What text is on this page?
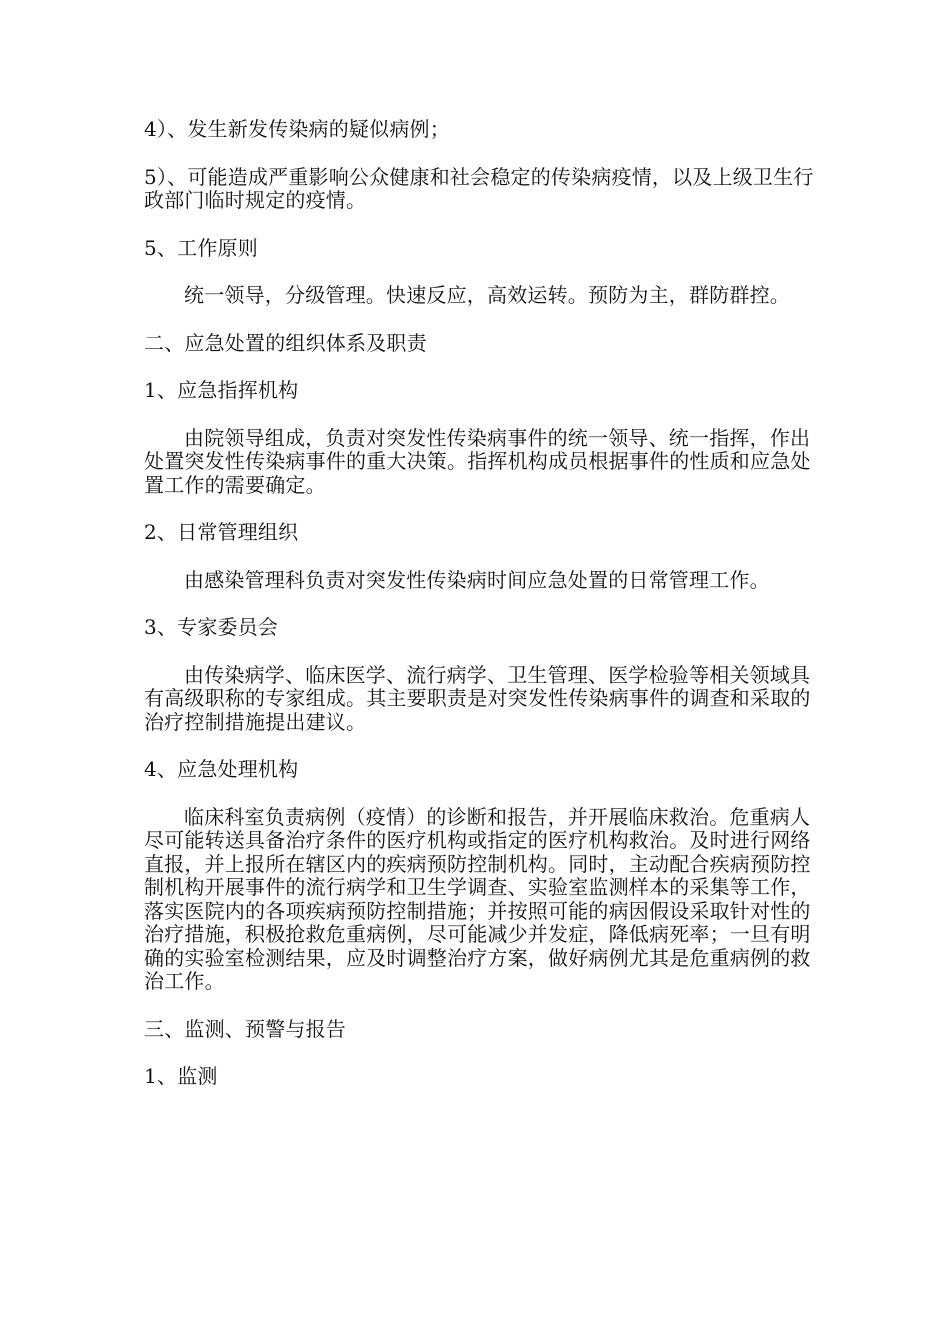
4）、发生新发传染病的疑似病例；

5）、可能造成严重影响公众健康和社会稳定的传染病疫情，以及上级卫生行政部门临时规定的疫情。

5、工作原则

统一领导，分级管理。快速反应，高效运转。预防为主，群防群控。

二、应急处置的组织体系及职责

1、应急指挥机构

由院领导组成，负责对突发性传染病事件的统一领导、统一指挥，作出处置突发性传染病事件的重大决策。指挥机构成员根据事件的性质和应急处置工作的需要确定。

2、日常管理组织

由感染管理科负责对突发性传染病时间应急处置的日常管理工作。

3、专家委员会

由传染病学、临床医学、流行病学、卫生管理、医学检验等相关领域具有高级职称的专家组成。其主要职责是对突发性传染病事件的调查和采取的治疗控制措施提出建议。

4、应急处理机构

临床科室负责病例（疫情）的诊断和报告，并开展临床救治。危重病人尽可能转送具备治疗条件的医疗机构或指定的医疗机构救治。及时进行网络直报，并上报所在辖区内的疾病预防控制机构。同时，主动配合疾病预防控制机构开展事件的流行病学和卫生学调查、实验室监测样本的采集等工作，落实医院内的各项疾病预防控制措施；并按照可能的病因假设采取针对性的治疗措施，积极抢救危重病例，尽可能减少并发症，降低病死率；一旦有明确的实验室检测结果，应及时调整治疗方案，做好病例尤其是危重病例的救治工作。

三、监测、预警与报告

1、监测
